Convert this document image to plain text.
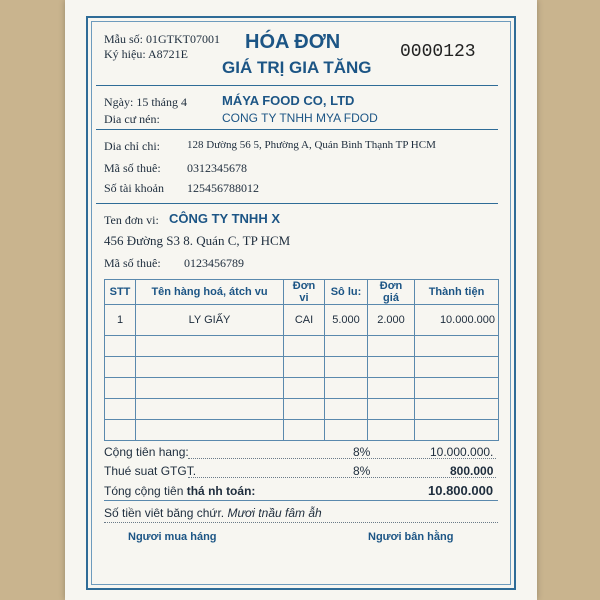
Mẫu số: 01GTKT07001
Ký hiệu: A8721E
HÓA ĐƠN
GIÁ TRỊ GIA TĂNG
0000123
Ngày: 15 tháng 4	MÁYA FOOD CO, LTD
Dia cư nén:	CONG TY TNHH MYA FDOD
Dia chỉ chi: 128 Dường 56 5, Phường A, Quán Bình Thạnh TP HCM
Mã số thuê: 0312345678
Số tài khoản 125456788012
Ten đơn vi: CÔNG TY TNHH X
456 Đường S3 8. Quán C, TP HCM
Mã số thuê: 0123456789
STT	Tên hàng hoá, átch vu	Đơn vi	Sô lu:	Đơn giá	Thành tiện
1	LY GIẤY	CAI	5.000	2.000	10.000.000

Cộng tiên hang:	8%	10.000.000.
Thué suat GTGT.	8%	800.000
Tóng cộng tiên thá nh toán:	10.800.000
Số tiền viêt băng chứr. Mươi tnầu fâm ẫh
Ngươi mua háng	Ngươi bân hằng
